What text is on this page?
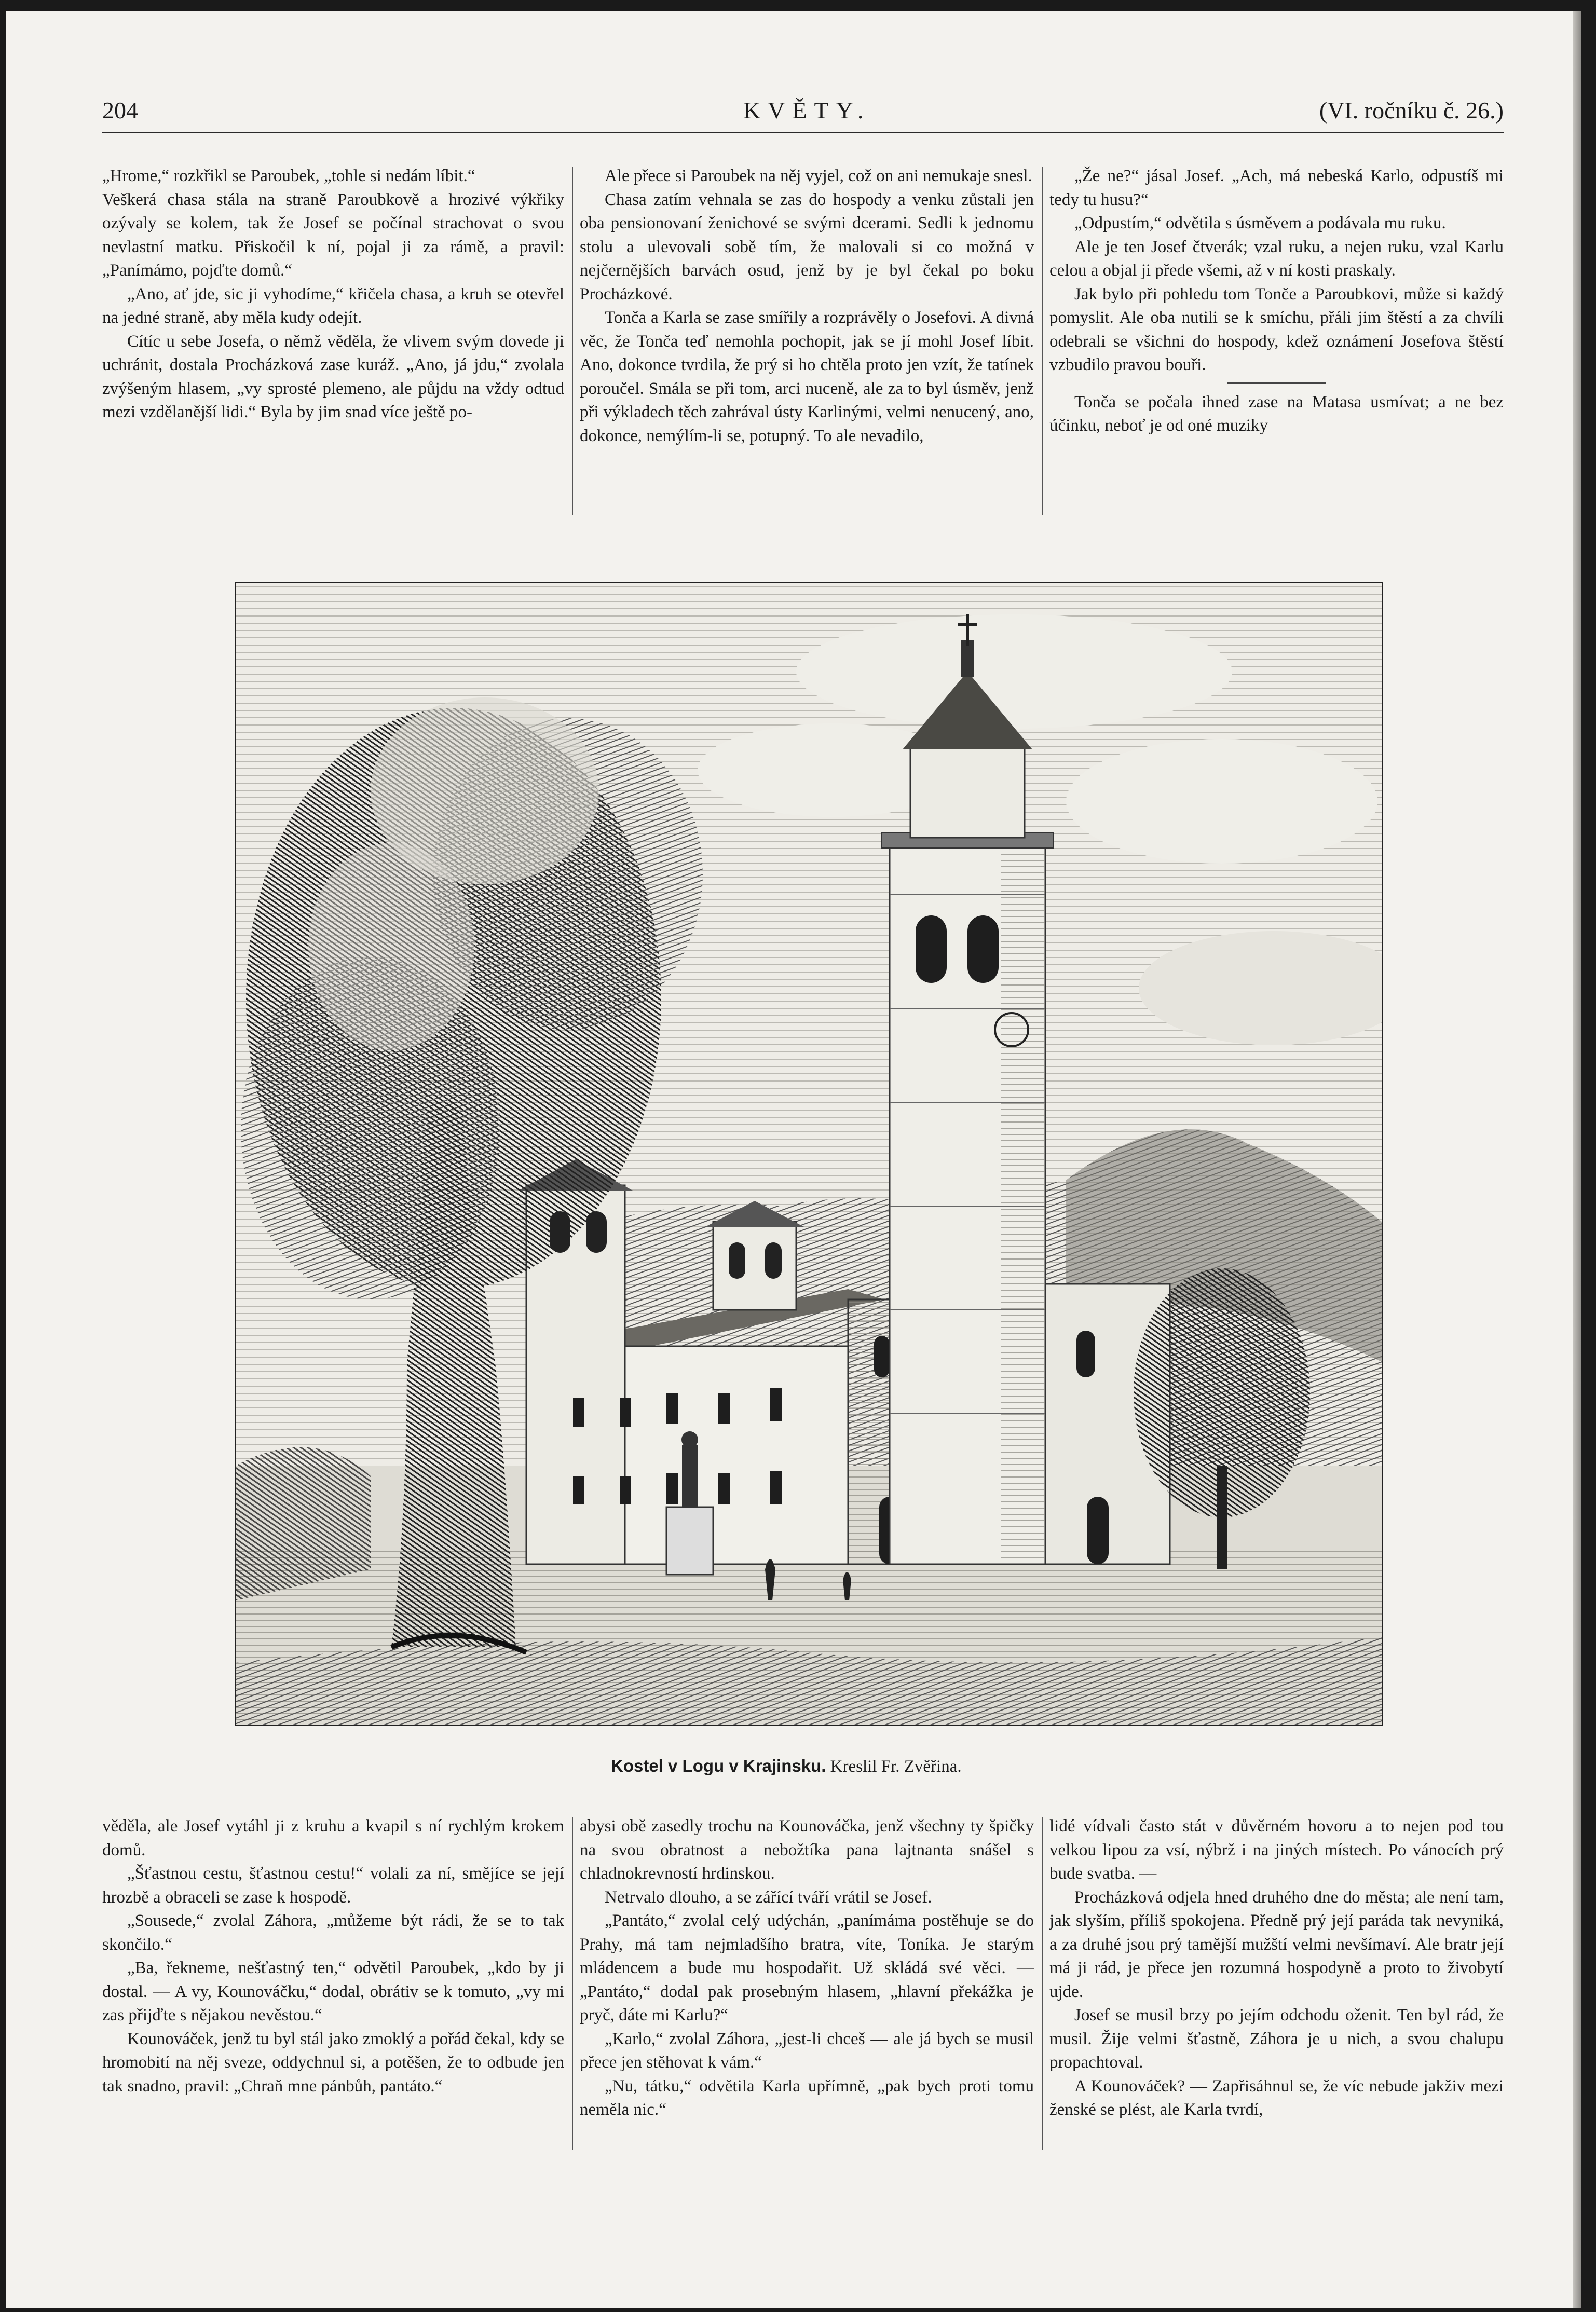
204	KVĚTY.	(VI. ročníku č. 26.)

„Hrome,“ rozkřikl se Paroubek, „tohle si nedám líbit.“

Veškerá chasa stála na straně Paroubkově a hrozivé výkřiky ozývaly se kolem, tak že Josef se počínal strachovat o svou nevlastní matku. Přiskočil k ní, pojal ji za rámě, a pravil: „Panímámo, pojďte domů.“

„Ano, ať jde, sic ji vyhodíme,“ křičela chasa, a kruh se otevřel na jedné straně, aby měla kudy odejít.

Cítíc u sebe Josefa, o němž věděla, že vlivem svým dovede ji uchránit, dostala Procházková zase kuráž. „Ano, já jdu,“ zvolala zvýšeným hlasem, „vy sprosté plemeno, ale půjdu na vždy odtud mezi vzdělanější lidi.“ Byla by jim snad více ještě po-

Ale přece si Paroubek na něj vyjel, což on ani nemukaje snesl.

Chasa zatím vehnala se zas do hospody a venku zůstali jen oba pensionovaní ženichové se svými dcerami. Sedli k jednomu stolu a ulevovali sobě tím, že malovali si co možná v nejčernějších barvách osud, jenž by je byl čekal po boku Procházkové.

Tonča a Karla se zase smířily a rozprávěly o Josefovi. A divná věc, že Tonča teď nemohla pochopit, jak se jí mohl Josef líbit. Ano, dokonce tvrdila, že prý si ho chtěla proto jen vzít, že tatínek poroučel. Smála se při tom, arci nuceně, ale za to byl úsměv, jenž při výkladech těch zahrával ústy Karlinými, velmi nenucený, ano, dokonce, nemýlím-li se, potupný. To ale nevadilo,

„Že ne?“ jásal Josef. „Ach, má nebeská Karlo, odpustíš mi tedy tu husu?“

„Odpustím,“ odvětila s úsměvem a podávala mu ruku.

Ale je ten Josef čtverák; vzal ruku, a nejen ruku, vzal Karlu celou a objal ji přede všemi, až v ní kosti praskaly.

Jak bylo při pohledu tom Tonče a Paroubkovi, může si každý pomyslit. Ale oba nutili se k smíchu, přáli jim štěstí a za chvíli odebrali se všichni do hospody, kdež oznámení Josefova štěstí vzbudilo pravou bouři.

Tonča se počala ihned zase na Matasa usmívat; a ne bez účinku, neboť je od oné muziky

Kostel v Logu v Krajinsku. Kreslil Fr. Zvěřina.

věděla, ale Josef vytáhl ji z kruhu a kvapil s ní rychlým krokem domů.

„Šťastnou cestu, šťastnou cestu!“ volali za ní, smějíce se její hrozbě a obraceli se zase k hospodě.

„Sousede,“ zvolal Záhora, „můžeme být rádi, že se to tak skončilo.“

„Ba, řekneme, nešťastný ten,“ odvětil Paroubek, „kdo by ji dostal. — A vy, Kounováčku,“ dodal, obrátiv se k tomuto, „vy mi zas přijďte s nějakou nevěstou.“

Kounováček, jenž tu byl stál jako zmoklý a pořád čekal, kdy se hromobití na něj sveze, oddychnul si, a potěšen, že to odbude jen tak snadno, pravil: „Chraň mne pánbůh, pantáto.“

abysi obě zasedly trochu na Kounováčka, jenž všechny ty špičky na svou obratnost a nebožtíka pana lajtnanta snášel s chladnokrevností hrdinskou.

Netrvalo dlouho, a se zářící tváří vrátil se Josef.

„Pantáto,“ zvolal celý udýchán, „panímáma postěhuje se do Prahy, má tam nejmladšího bratra, víte, Toníka. Je starým mládencem a bude mu hospodařit. Už skládá své věci. — „Pantáto,“ dodal pak prosebným hlasem, „hlavní překážka je pryč, dáte mi Karlu?“

„Karlo,“ zvolal Záhora, „jest-li chceš — ale já bych se musil přece jen stěhovat k vám.“

„Nu, tátku,“ odvětila Karla upřímně, „pak bych proti tomu neměla nic.“

lidé vídvali často stát v důvěrném hovoru a to nejen pod tou velkou lipou za vsí, nýbrž i na jiných místech. Po vánocích prý bude svatba. —

Procházková odjela hned druhého dne do města; ale není tam, jak slyším, příliš spokojena. Předně prý její paráda tak nevyniká, a za druhé jsou prý tamější mužští velmi nevšímaví. Ale bratr její má ji rád, je přece jen rozumná hospodyně a proto to živobytí ujde.

Josef se musil brzy po jejím odchodu oženit. Ten byl rád, že musil. Žije velmi šťastně, Záhora je u nich, a svou chalupu propachtoval.

A Kounováček? — Zapřisáhnul se, že víc nebude jakživ mezi ženské se plést, ale Karla tvrdí,
